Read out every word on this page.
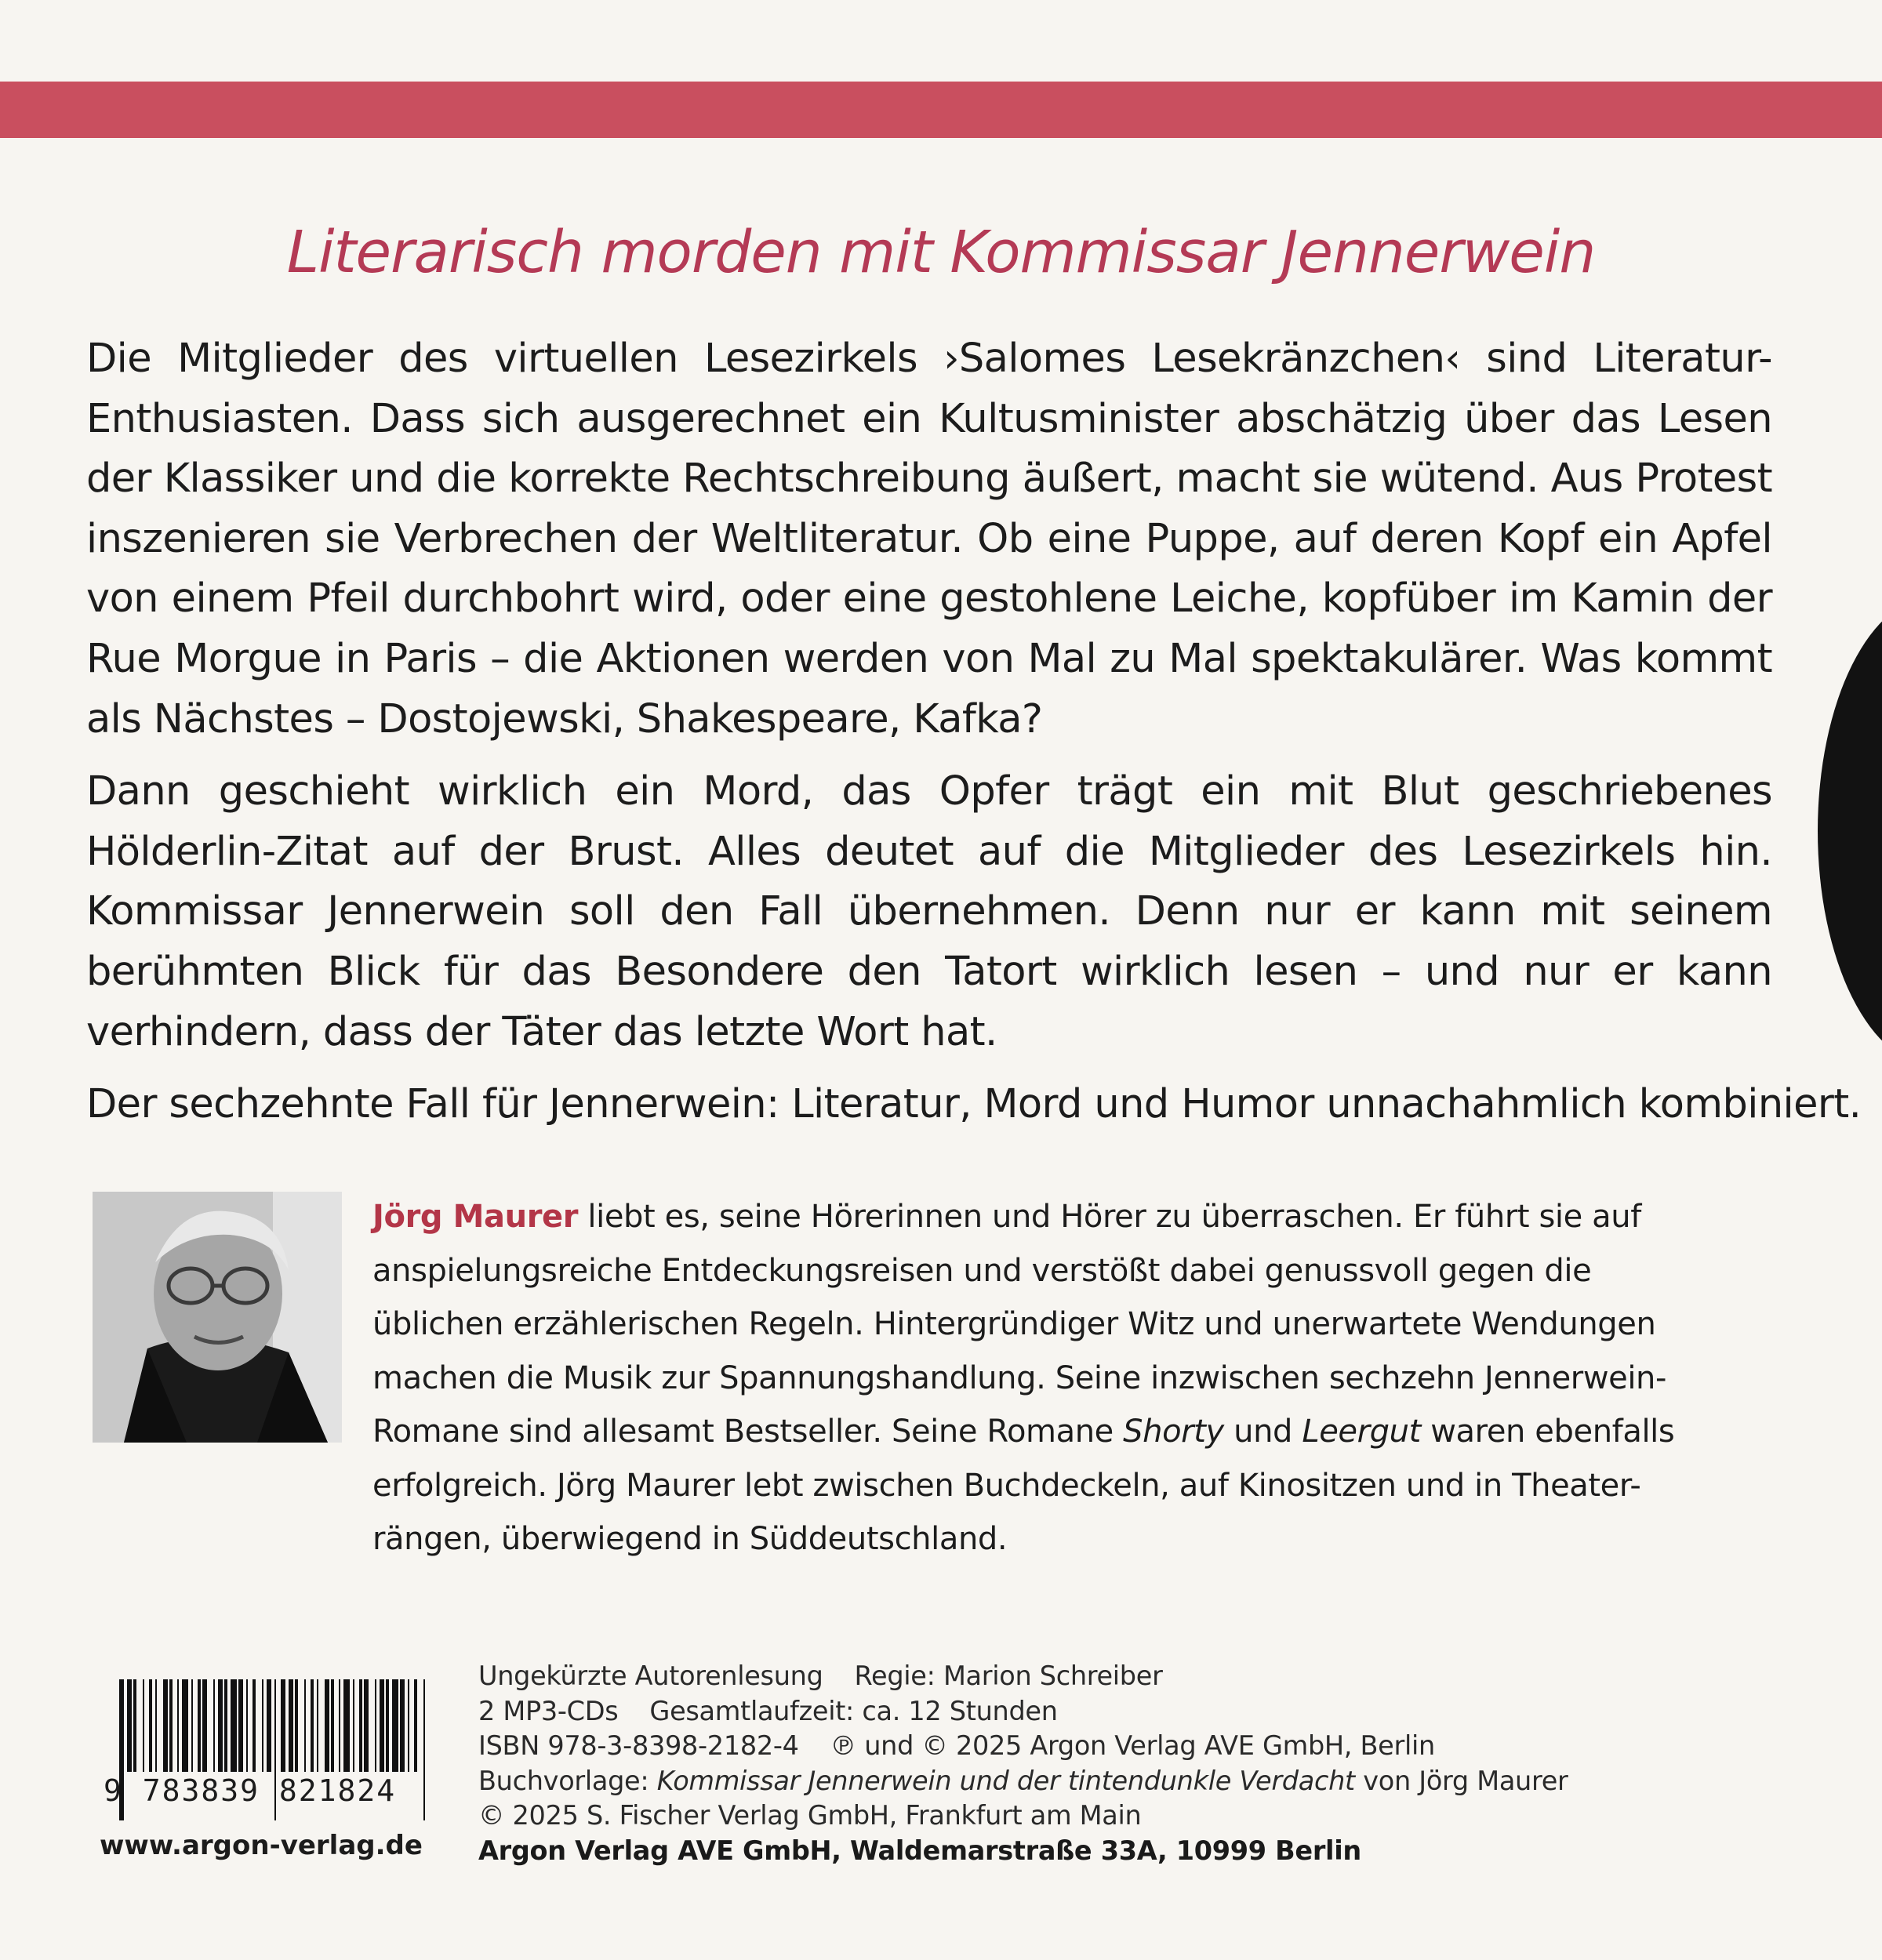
Literarisch morden mit Kommissar Jennerwein

Die Mitglieder des virtuellen Lesezirkels ›Salomes Lesekränzchen‹ sind Literatur-Enthusiasten. Dass sich ausgerechnet ein Kultusminister abschätzig über das Lesen der Klassiker und die korrekte Rechtschreibung äußert, macht sie wütend. Aus Protest inszenieren sie Verbrechen der Weltliteratur. Ob eine Puppe, auf deren Kopf ein Apfel von einem Pfeil durchbohrt wird, oder eine gestohlene Leiche, kopfüber im Kamin der Rue Morgue in Paris – die Aktionen werden von Mal zu Mal spektakulärer. Was kommt als Nächstes – Dostojewski, Shakespeare, Kafka?

Dann geschieht wirklich ein Mord, das Opfer trägt ein mit Blut geschriebenes Hölderlin-Zitat auf der Brust. Alles deutet auf die Mitglieder des Lesezirkels hin. Kommissar Jennerwein soll den Fall übernehmen. Denn nur er kann mit seinem berühmten Blick für das Besondere den Tatort wirklich lesen – und nur er kann verhindern, dass der Täter das letzte Wort hat.

Der sechzehnte Fall für Jennerwein: Literatur, Mord und Humor unnachahmlich kombiniert.

Jörg Maurer liebt es, seine Hörerinnen und Hörer zu überraschen. Er führt sie auf
anspielungsreiche Entdeckungsreisen und verstößt dabei genussvoll gegen die
üblichen erzählerischen Regeln. Hintergründiger Witz und unerwartete Wendungen
machen die Musik zur Spannungshandlung. Seine inzwischen sechzehn Jennerwein-
Romane sind allesamt Bestseller. Seine Romane Shorty und Leergut waren ebenfalls
erfolgreich. Jörg Maurer lebt zwischen Buchdeckeln, auf Kinositzen und in Theater-
rängen, überwiegend in Süddeutschland.
9 783839 821824
www.argon-verlag.de
Ungekürzte Autorenlesung Regie: Marion Schreiber
2 MP3-CDs Gesamtlaufzeit: ca. 12 Stunden
ISBN 978-3-8398-2182-4 ℗ und © 2025 Argon Verlag AVE GmbH, Berlin
Buchvorlage: Kommissar Jennerwein und der tintendunkle Verdacht von Jörg Maurer
© 2025 S. Fischer Verlag GmbH, Frankfurt am Main
Argon Verlag AVE GmbH, Waldemarstraße 33A, 10999 Berlin
